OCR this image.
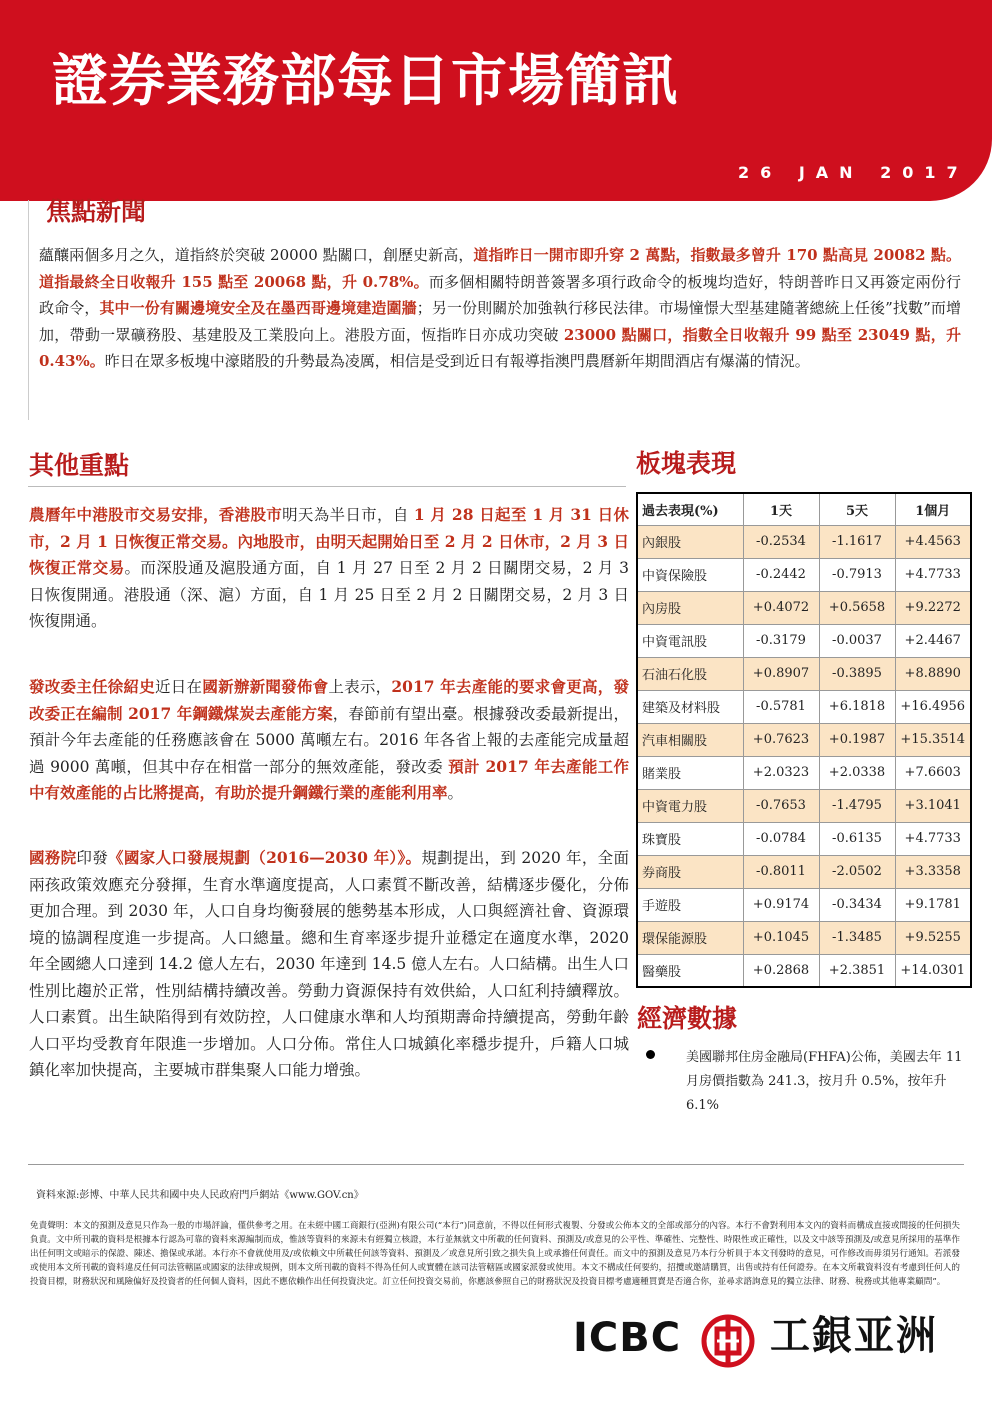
證券業務部每日市場簡訊
26 JAN 2017
焦點新聞

蘊釀兩個多月之久，道指終於突破 20000 點關口，創歷史新高，道指昨日一開市即升穿 2 萬點，指數最多曾升 170 點高見 20082 點。道指最終全日收報升 155 點至 20068 點，升 0.78%。而多個相關特朗普簽署多項行政命令的板塊均造好，特朗普昨日又再簽定兩份行政命令，其中一份有關邊境安全及在墨西哥邊境建造圍牆；另一份則關於加強執行移民法律。市場憧憬大型基建隨著總統上任後”找數”而增加，帶動一眾礦務股、基建股及工業股向上。港股方面，恆指昨日亦成功突破 23000 點關口，指數全日收報升 99 點至 23049 點，升 0.43%。昨日在眾多板塊中濠賭股的升勢最為凌厲，相信是受到近日有報導指澳門農曆新年期間酒店有爆滿的情況。

其他重點

農曆年中港股市交易安排，香港股市明天為半日市，自 1 月 28 日起至 1 月 31 日休市，2 月 1 日恢復正常交易。內地股市，由明天起開始日至 2 月 2 日休市，2 月 3 日恢復正常交易。而深股通及滬股通方面，自 1 月 27 日至 2 月 2 日關閉交易，2 月 3 日恢復開通。港股通（深、滬）方面，自 1 月 25 日至 2 月 2 日關閉交易，2 月 3 日恢復開通。

發改委主任徐紹史近日在國新辦新聞發佈會上表示，2017 年去產能的要求會更高，發改委正在編制 2017 年鋼鐵煤炭去產能方案，春節前有望出臺。根據發改委最新提出，預計今年去產能的任務應該會在 5000 萬噸左右。2016 年各省上報的去產能完成量超過 9000 萬噸，但其中存在相當一部分的無效產能，發改委 預計 2017 年去產能工作中有效產能的占比將提高，有助於提升鋼鐵行業的產能利用率。

國務院印發《國家人口發展規劃（2016—2030 年）》。規劃提出，到 2020 年，全面兩孩政策效應充分發揮，生育水準適度提高，人口素質不斷改善，結構逐步優化，分佈更加合理。到 2030 年，人口自身均衡發展的態勢基本形成，人口與經濟社會、資源環境的協調程度進一步提高。人口總量。總和生育率逐步提升並穩定在適度水準，2020 年全國總人口達到 14.2 億人左右，2030 年達到 14.5 億人左右。人口結構。出生人口性別比趨於正常，性別結構持續改善。勞動力資源保持有效供給，人口紅利持續釋放。人口素質。出生缺陷得到有效防控，人口健康水準和人均預期壽命持續提高，勞動年齡人口平均受教育年限進一步增加。人口分佈。常住人口城鎮化率穩步提升，戶籍人口城鎮化率加快提高，主要城市群集聚人口能力增強。

板塊表現
過去表現(%)	1天	5天	1個月
內銀股	-0.2534	-1.1617	+4.4563
中資保險股	-0.2442	-0.7913	+4.7733
內房股	+0.4072	+0.5658	+9.2272
中資電訊股	-0.3179	-0.0037	+2.4467
石油石化股	+0.8907	-0.3895	+8.8890
建築及材料股	-0.5781	+6.1818	+16.4956
汽車相關股	+0.7623	+0.1987	+15.3514
賭業股	+2.0323	+2.0338	+7.6603
中資電力股	-0.7653	-1.4795	+3.1041
珠寶股	-0.0784	-0.6135	+4.7733
券商股	-0.8011	-2.0502	+3.3358
手遊股	+0.9174	-0.3434	+9.1781
環保能源股	+0.1045	-1.3485	+9.5255
醫藥股	+0.2868	+2.3851	+14.0301
經濟數據
美國聯邦住房金融局(FHFA)公佈，美國去年 11 月房價指數為 241.3，按月升 0.5%，按年升 6.1%

資料來源:彭博、中華人民共和國中央人民政府門戶網站《www.GOV.cn》

免責聲明：本文的預測及意見只作為一般的市場評論，僅供參考之用。在未經中國工商銀行(亞洲)有限公司(“本行”)同意前，不得以任何形式複製、分發或公佈本文的全部或部分的內容。本行不會對利用本文內的資料而構成直接或間接的任何損失負責。文中所刊載的資料是根據本行認為可靠的資料來源編制而成，惟該等資料的來源未有經獨立核證，本行並無就文中所載的任何資料、預測及/或意見的公平性、準確性、完整性、時限性或正確性，以及文中該等預測及/或意見所採用的基準作出任何明文或暗示的保證、陳述、擔保或承諾。本行亦不會就使用及/或依賴文中所載任何該等資料、預測及／或意見所引致之損失負上或承擔任何責任。而文中的預測及意見乃本行分析員于本文刊發時的意見，可作修改而毋須另行通知。若派發或使用本文所刊載的資料違反任何司法管轄區或國家的法律或規例，則本文所刊載的資料不得為任何人或實體在該司法管轄區或國家派發或使用。本文不構成任何要約，招攬或邀請購買，出售或持有任何證券。在本文所載資料沒有考慮到任何人的投資目標，財務狀況和風險偏好及投資者的任何個人資料，因此不應依賴作出任何投資決定。訂立任何投資交易前，你應該參照自己的財務狀況及投資目標考慮適種買賣是否適合你，並尋求諮詢意見的獨立法律、財務、稅務或其他專業顧問”。

ICBC 工銀亚洲
